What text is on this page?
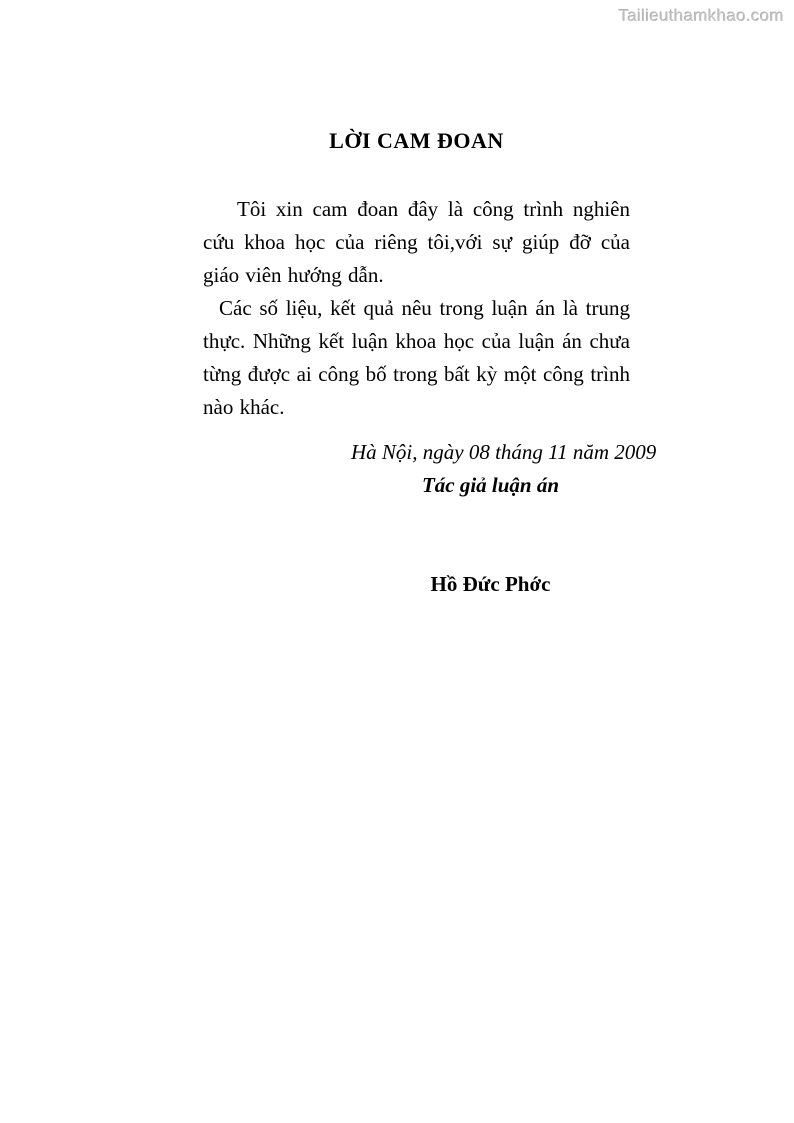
Tailieuthamkhao.com
LỜI CAM ĐOAN

Tôi xin cam đoan đây là công trình nghiên cứu khoa học của riêng tôi,với sự giúp đỡ của giáo viên hướng dẫn.

Các số liệu, kết quả nêu trong luận án là trung thực. Những kết luận khoa học của luận án chưa từng được ai công bố trong bất kỳ một công trình nào khác.

Hà Nội, ngày 08 tháng 11 năm 2009
Tác giả luận án
Hồ Đức Phớc
